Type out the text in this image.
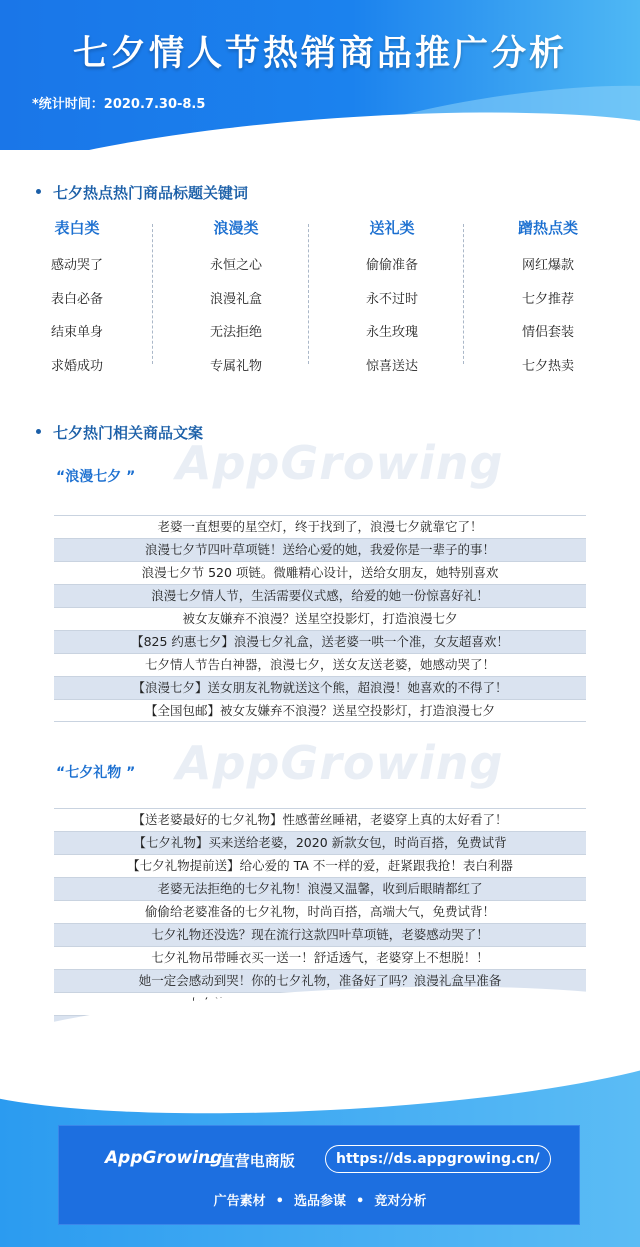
七夕情人节热销商品推广分析
*统计时间：2020.7.30-8.5
七夕热点热门商品标题关键词
表白类
感动哭了
表白必备
结束单身
求婚成功
浪漫类
永恒之心
浪漫礼盒
无法拒绝
专属礼物
送礼类
偷偷准备
永不过时
永生玫瑰
惊喜送达
蹭热点类
网红爆款
七夕推荐
情侣套装
七夕热卖
七夕热门相关商品文案
AppGrowing
AppGrowing
“浪漫七夕 ”
老婆一直想要的星空灯，终于找到了，浪漫七夕就靠它了！
浪漫七夕节四叶草项链！送给心爱的她，我爱你是一辈子的事！
浪漫七夕节 520 项链。微雕精心设计，送给女朋友，她特别喜欢
浪漫七夕情人节，生活需要仪式感，给爱的她一份惊喜好礼！
被女友嫌弃不浪漫？送星空投影灯，打造浪漫七夕
【825 约惠七夕】浪漫七夕礼盒，送老婆一哄一个准，女友超喜欢！
七夕情人节告白神器，浪漫七夕，送女友送老婆，她感动哭了！
【浪漫七夕】送女朋友礼物就送这个熊，超浪漫！她喜欢的不得了！
【全国包邮】被女友嫌弃不浪漫？送星空投影灯，打造浪漫七夕
“七夕礼物 ”
【送老婆最好的七夕礼物】性感蕾丝睡裙，老婆穿上真的太好看了！
【七夕礼物】买来送给老婆，2020 新款女包，时尚百搭，免费试背
【七夕礼物提前送】给心爱的 TA 不一样的爱，赶紧跟我抢！表白利器
老婆无法拒绝的七夕礼物！浪漫又温馨，收到后眼睛都红了
偷偷给老婆准备的七夕礼物，时尚百搭，高端大气，免费试背！
七夕礼物还没选？现在流行这款四叶草项链，老婆感动哭了！
七夕礼物吊带睡衣买一送一！舒适透气，老婆穿上不想脱！！
她一定会感动到哭！你的七夕礼物，准备好了吗？浪漫礼盒早准备
AppGrowing
– 直营电商版	https://ds.appgrowing.cn/
广告素材 • 选品参谋 • 竞对分析
